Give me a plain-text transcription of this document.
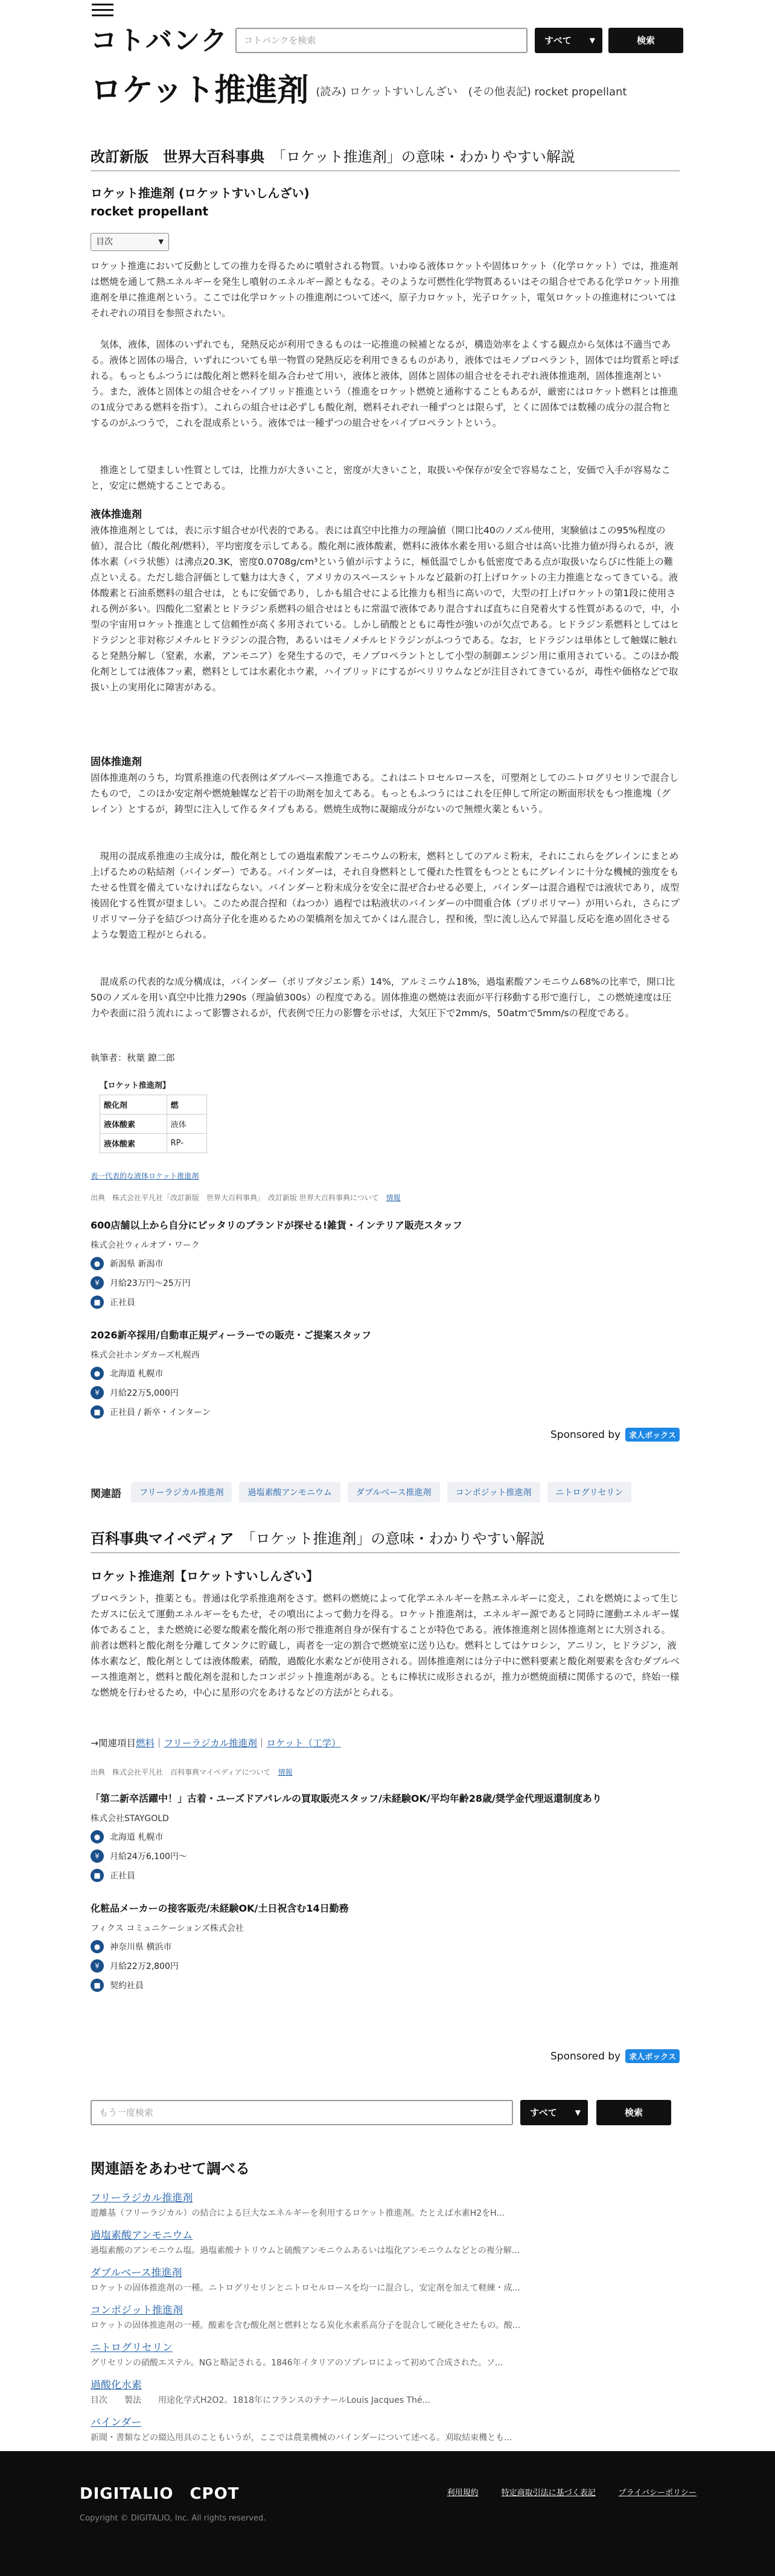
コトバンク	コトバンクを検索	すべて	▼	検索
ロケット推進剤 (読み) ロケットすいしんざい　(その他表記) rocket propellant
改訂新版　世界大百科事典　 「ロケット推進剤」の意味・わかりやすい解説
ロケット推進剤 (ロケットすいしんざい)
rocket propellant
目次	▼
ロケット推進において反動としての推力を得るために噴射される物質。いわゆる液体ロケットや固体ロケット（化学ロケット）では，推進剤は燃焼を通して熱エネルギーを発生し噴射のエネルギー源ともなる。そのような可燃性化学物質あるいはその組合せである化学ロケット用推進剤を単に推進剤という。ここでは化学ロケットの推進剤について述べ，原子力ロケット，光子ロケット，電気ロケットの推進材についてはそれぞれの項目を参照されたい。
　気体，液体，固体のいずれでも，発熱反応が利用できるものは一応推進の候補となるが，構造効率をよくする観点から気体は不適当である。液体と固体の場合，いずれについても単一物質の発熱反応を利用できるものがあり，液体ではモノプロペラント，固体では均質系と呼ばれる。もっともふつうには酸化剤と燃料を組み合わせて用い，液体と液体，固体と固体の組合せをそれぞれ液体推進剤，固体推進剤という。また，液体と固体との組合せをハイブリッド推進という（推進をロケット燃焼と通称することもあるが，厳密にはロケット燃料とは推進の1成分である燃料を指す）。これらの組合せは必ずしも酸化剤，燃料それぞれ一種ずつとは限らず，とくに固体では数種の成分の混合物とするのがふつうで，これを混成系という。液体では一種ずつの組合せをバイプロペラントという。
　推進として望ましい性質としては，比推力が大きいこと，密度が大きいこと，取扱いや保存が安全で容易なこと，安価で入手が容易なこと，安定に燃焼することである。
液体推進剤
液体推進剤としては，表に示す組合せが代表的である。表には真空中比推力の理論値（開口比40のノズル使用，実験値はこの95%程度の値），混合比（酸化剤/燃料），平均密度を示してある。酸化剤に液体酸素，燃料に液体水素を用いる組合せは高い比推力値が得られるが，液体水素（パラ状態）は沸点20.3K，密度0.0708g/cm³という値が示すように，極低温でしかも低密度である点が取扱いならびに性能上の難点といえる。ただし総合評価として魅力は大きく，アメリカのスペースシャトルなど最新の打上げロケットの主力推進となってきている。液体酸素と石油系燃料の組合せは，ともに安価であり，しかも組合せによる比推力も相当に高いので，大型の打上げロケットの第1段に使用される例が多い。四酸化二窒素とヒドラジン系燃料の組合せはともに常温で液体であり混合すれば直ちに自発着火する性質があるので，中，小型の宇宙用ロケット推進として信頼性が高く多用されている。しかし硝酸とともに毒性が強いのが欠点である。ヒドラジン系燃料としてはヒドラジンと非対称ジメチルヒドラジンの混合物，あるいはモノメチルヒドラジンがふつうである。なお，ヒドラジンは単体として触媒に触れると発熱分解し（窒素，水素，アンモニア）を発生するので，モノプロペラントとして小型の制御エンジン用に重用されている。このほか酸化剤としては液体フッ素，燃料としては水素化ホウ素，ハイブリッドにするがベリリウムなどが注目されてきているが，毒性や価格などで取扱い上の実用化に障害がある。
固体推進剤
固体推進剤のうち，均質系推進の代表例はダブルベース推進である。これはニトロセルロースを，可塑剤としてのニトログリセリンで混合したもので，このほか安定剤や燃焼触媒など若干の助剤を加えてある。もっともふつうにはこれを圧伸して所定の断面形状をもつ推進塊（グレイン）とするが，鋳型に注入して作るタイプもある。燃焼生成物に凝縮成分がないので無煙火薬ともいう。
　現用の混成系推進の主成分は，酸化剤としての過塩素酸アンモニウムの粉末，燃料としてのアルミ粉末，それにこれらをグレインにまとめ上げるための粘結剤（バインダー）である。バインダーは，それ自身燃料として優れた性質をもつとともにグレインに十分な機械的強度をもたせる性質を備えていなければならない。バインダーと粉末成分を安全に混ぜ合わせる必要上，バインダーは混合過程では液状であり，成型後固化する性質が望ましい。このため混合捏和（ねつか）過程では粘液状のバインダーの中間重合体（プリポリマー）が用いられ，さらにプリポリマー分子を結びつけ高分子化を進めるための架橋剤を加えてかくはん混合し，捏和後，型に流し込んで昇温し反応を進め固化させるような製造工程がとられる。
　混成系の代表的な成分構成は，バインダー（ポリブタジエン系）14%，アルミニウム18%，過塩素酸アンモニウム68%の比率で，開口比50のノズルを用い真空中比推力290s（理論値300s）の程度である。固体推進の燃焼は表面が平行移動する形で進行し，この燃焼速度は圧力や表面に沿う流れによって影響されるが，代表例で圧力の影響を示せば，大気圧下で2mm/s，50atmで5mm/sの程度である。
執筆者：秋葉 鐐二郎
【ロケット推進剤】	
酸化剤	燃
液体酸素	液体
液体酸素	RP-
表一代表的な液体ロケット推進剤
出典　株式会社平凡社「改訂新版　世界大百科事典」　改訂新版 世界大百科事典について　 情報
600店舗以上から自分にピッタリのブランドが探せる!雑貨・インテリア販売スタッフ
株式会社ウィルオブ・ワーク
●	新潟県 新潟市
¥	月給23万円～25万円
■	正社員
2026新卒採用/自動車正規ディーラーでの販売・ご提案スタッフ
株式会社ホンダカーズ札幌西
●	北海道 札幌市
¥	月給22万5,000円
■	正社員 / 新卒・インターン
Sponsored by	求人ボックス
関連語	フリーラジカル推進剤	過塩素酸アンモニウム	ダブルベース推進剤	コンポジット推進剤	ニトログリセリン
百科事典マイペディア　 「ロケット推進剤」の意味・わかりやすい解説
ロケット推進剤【ロケットすいしんざい】
プロペラント，推薬とも。普通は化学系推進剤をさす。燃料の燃焼によって化学エネルギーを熱エネルギーに変え，これを燃焼によって生じたガスに伝えて運動エネルギーをもたせ，その噴出によって動力を得る。ロケット推進剤は，エネルギー源であると同時に運動エネルギー媒体であること，また燃焼に必要な酸素を酸化剤の形で推進剤自身が保有することが特色である。液体推進剤と固体推進剤とに大別される。前者は燃料と酸化剤を分離してタンクに貯蔵し，両者を一定の割合で燃焼室に送り込む。燃料としてはケロシン，アニリン，ヒドラジン，液体水素など，酸化剤としては液体酸素，硝酸，過酸化水素などが使用される。固体推進剤には分子中に燃料要素と酸化剤要素を含むダブルベース推進剤と，燃料と酸化剤を混和したコンポジット推進剤がある。ともに棒状に成形されるが，推力が燃焼面積に関係するので，終始一様な燃焼を行わせるため，中心に星形の穴をあけるなどの方法がとられる。
→関連項目燃料｜フリーラジカル推進剤｜ロケット（工学）
出典　株式会社平凡社　百科事典マイペディアについて　 情報
「第二新卒活躍中！」古着・ユーズドアパレルの買取販売スタッフ/未経験OK/平均年齢28歳/奨学金代理返還制度あり
株式会社STAYGOLD
●	北海道 札幌市
¥	月給24万6,100円～
■	正社員
化粧品メーカーの接客販売/未経験OK/土日祝含む14日勤務
フィクス コミュニケーションズ株式会社
●	神奈川県 横浜市
¥	月給22万2,800円
■	契約社員
Sponsored by	求人ボックス
もう一度検索	すべて	▼	検索
関連語をあわせて調べる
フリーラジカル推進剤
遊離基（フリーラジカル）の結合による巨大なエネルギーを利用するロケット推進剤。たとえば水素H2をH...
過塩素酸アンモニウム
過塩素酸のアンモニウム塩。過塩素酸ナトリウムと硫酸アンモニウムあるいは塩化アンモニウムなどとの複分解...
ダブルベース推進剤
ロケットの固体推進剤の一種。ニトログリセリンとニトロセルロースを均一に混合し，安定剤を加えて軽練・成...
コンポジット推進剤
ロケットの固体推進剤の一種。酸素を含む酸化剤と燃料となる炭化水素系高分子を混合して硬化させたもの。酸...
ニトログリセリン
グリセリンの硝酸エステル。NGと略記される。1846年イタリアのソブレロによって初めて合成された。ソ...
過酸化水素
目次　　製法　　用途化学式H2O2。1818年にフランスのテナールLouis Jacques Thé...
バインダー
新聞・書類などの綴込用具のこともいうが，ここでは農業機械のバインダーについて述べる。刈取結束機とも...
DIGITALIO　CPOT	利用規約	特定商取引法に基づく表記	プライバシーポリシー
Copyright © DIGITALIO, Inc. All rights reserved.
